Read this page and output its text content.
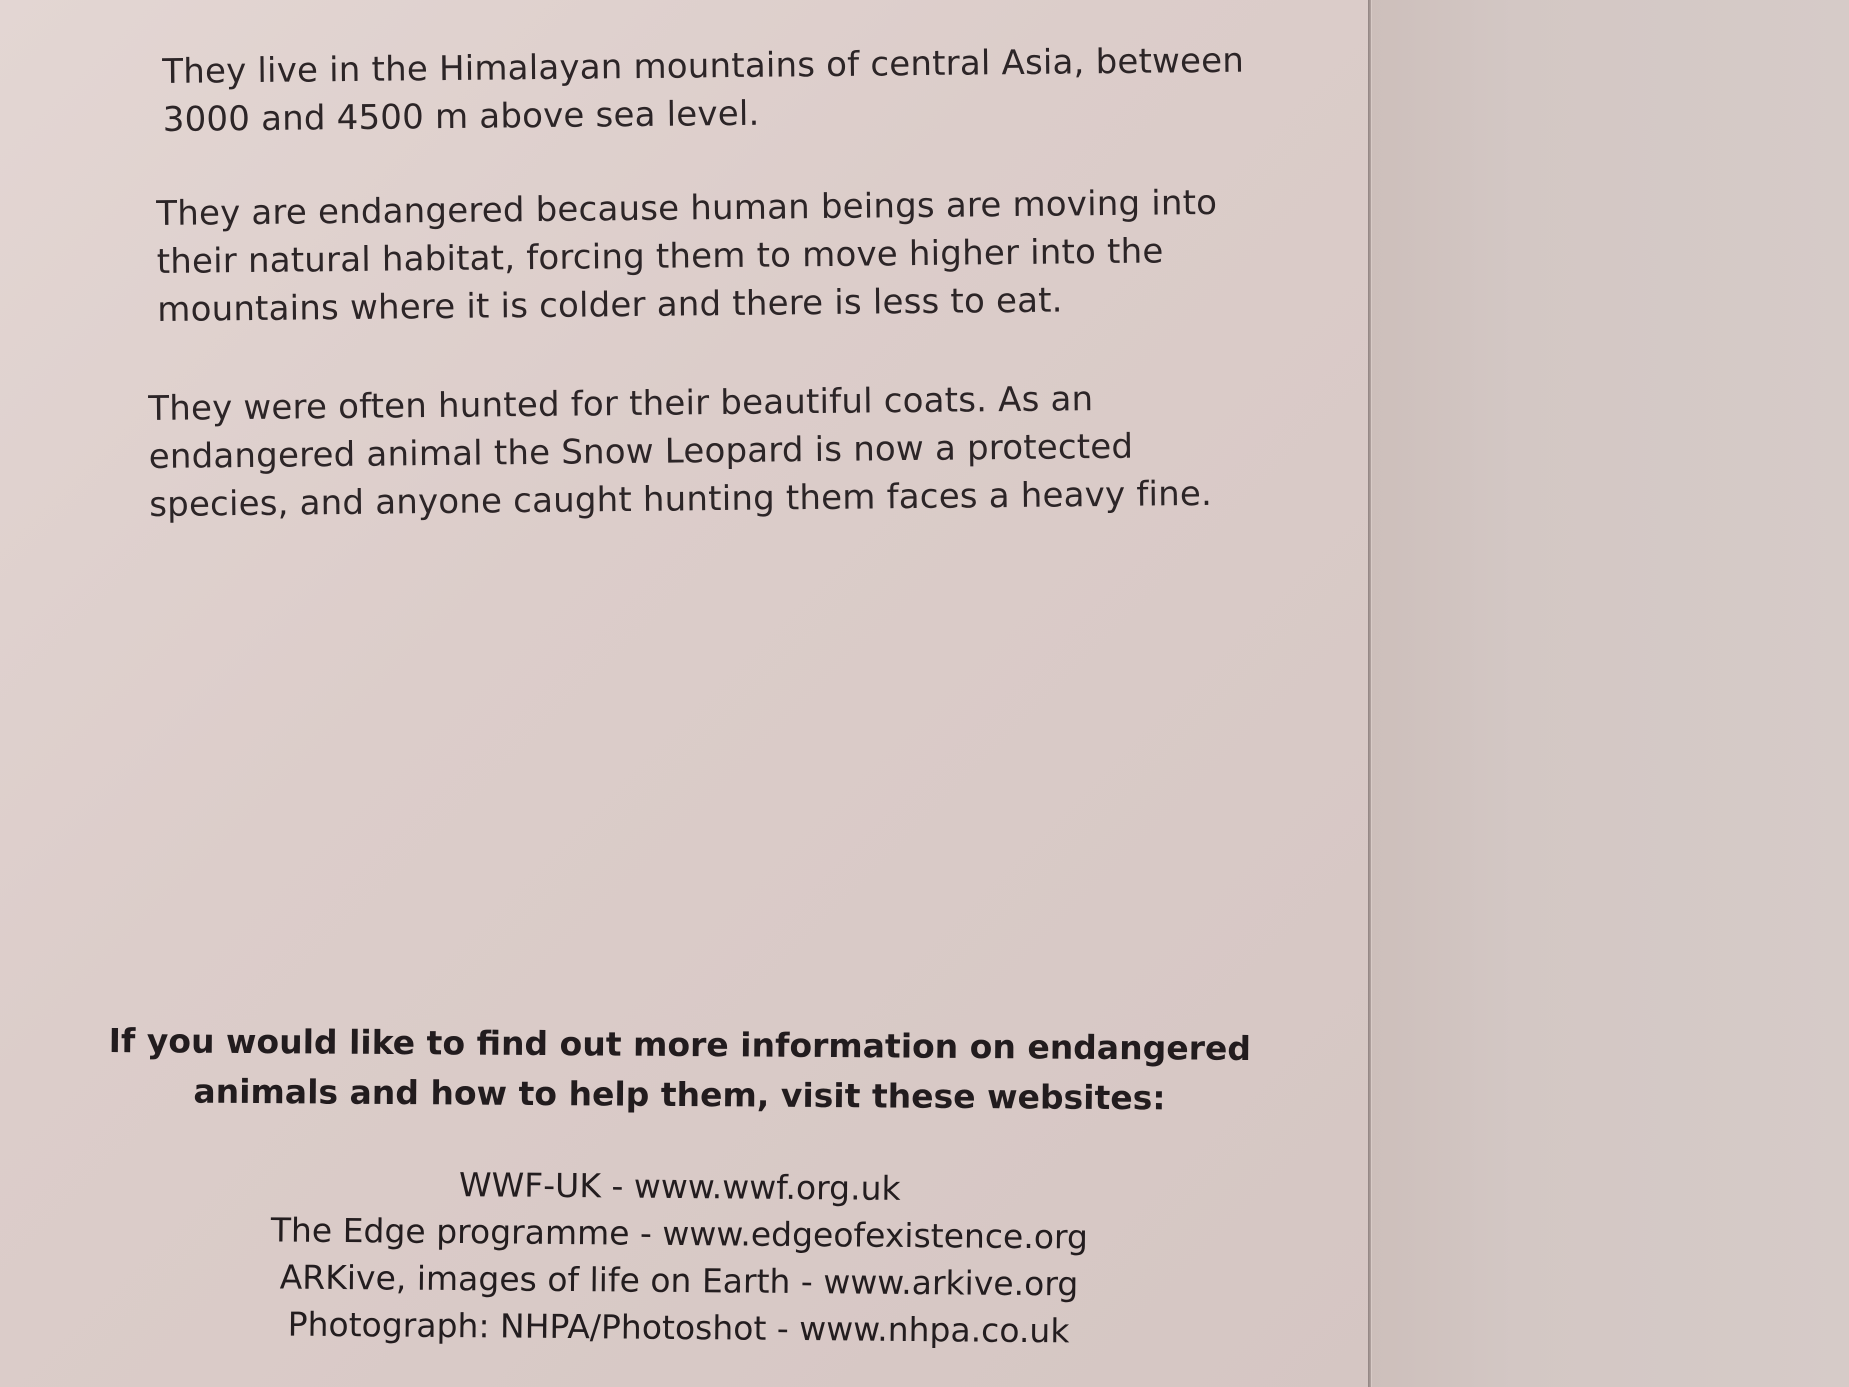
They live in the Himalayan mountains of central Asia, between 3000 and 4500 m above sea level.

They are endangered because human beings are moving into their natural habitat, forcing them to move higher into the mountains where it is colder and there is less to eat.

They were often hunted for their beautiful coats. As an endangered animal the Snow Leopard is now a protected species, and anyone caught hunting them faces a heavy fine.

If you would like to find out more information on endangered animals and how to help them, visit these websites:

WWF-UK - www.wwf.org.uk
The Edge programme - www.edgeofexistence.org
ARKive, images of life on Earth - www.arkive.org
Photograph: NHPA/Photoshot - www.nhpa.co.uk
